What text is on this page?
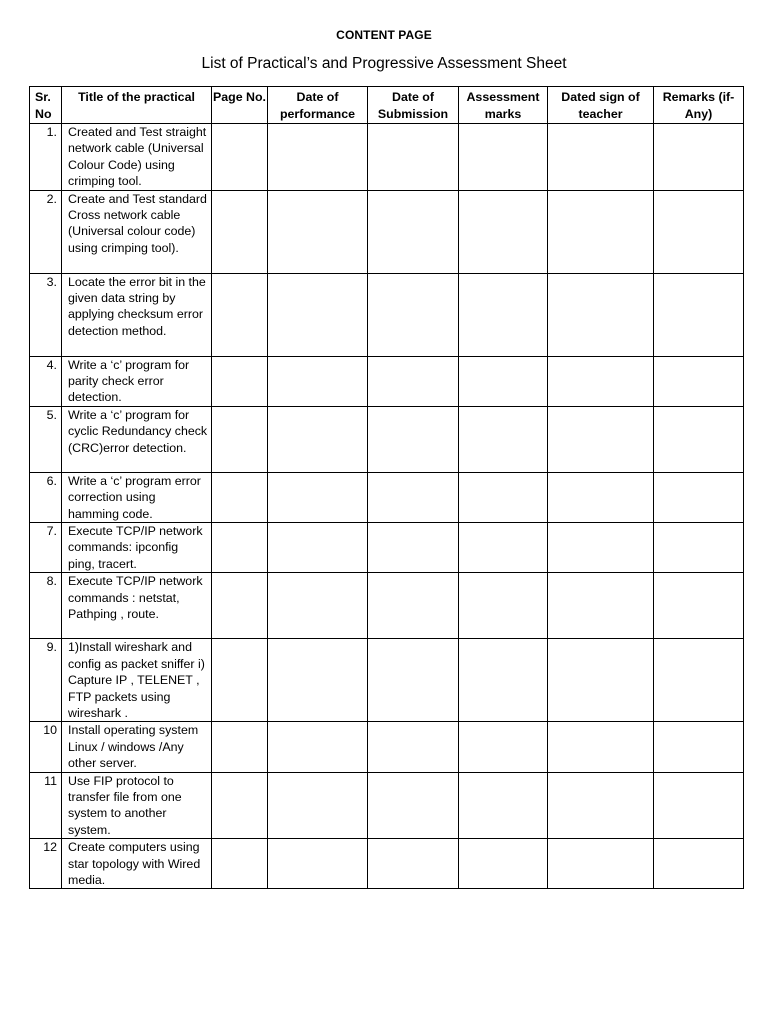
CONTENT PAGE
List of Practical’s and Progressive Assessment Sheet
Sr. No	Title of the practical	Page No.	Date of performance	Date of Submission	Assessment marks	Dated sign of teacher	Remarks (if-Any)
1.	Created and Test straight network cable (Universal Colour Code) using crimping tool.						
2.	Create and Test standard Cross network cable (Universal colour code) using crimping tool).						
3.	Locate the error bit in the given data string by applying checksum error detection method.						
4.	Write a ‘c’ program for parity check error detection.						
5.	Write a ‘c’ program for cyclic Redundancy check (CRC)error detection.						
6.	Write a ‘c’ program error correction using hamming code.						
7.	Execute TCP/IP network commands: ipconfig ping, tracert.						
8.	Execute TCP/IP network commands : netstat, Pathping , route.						
9.	1)Install wireshark and config as packet sniffer i) Capture IP , TELENET , FTP packets using wireshark .						
10	Install operating system Linux / windows /Any other server.						
11	Use FIP protocol to transfer file from one system to another system.						
12	Create computers using star topology with Wired media.						
